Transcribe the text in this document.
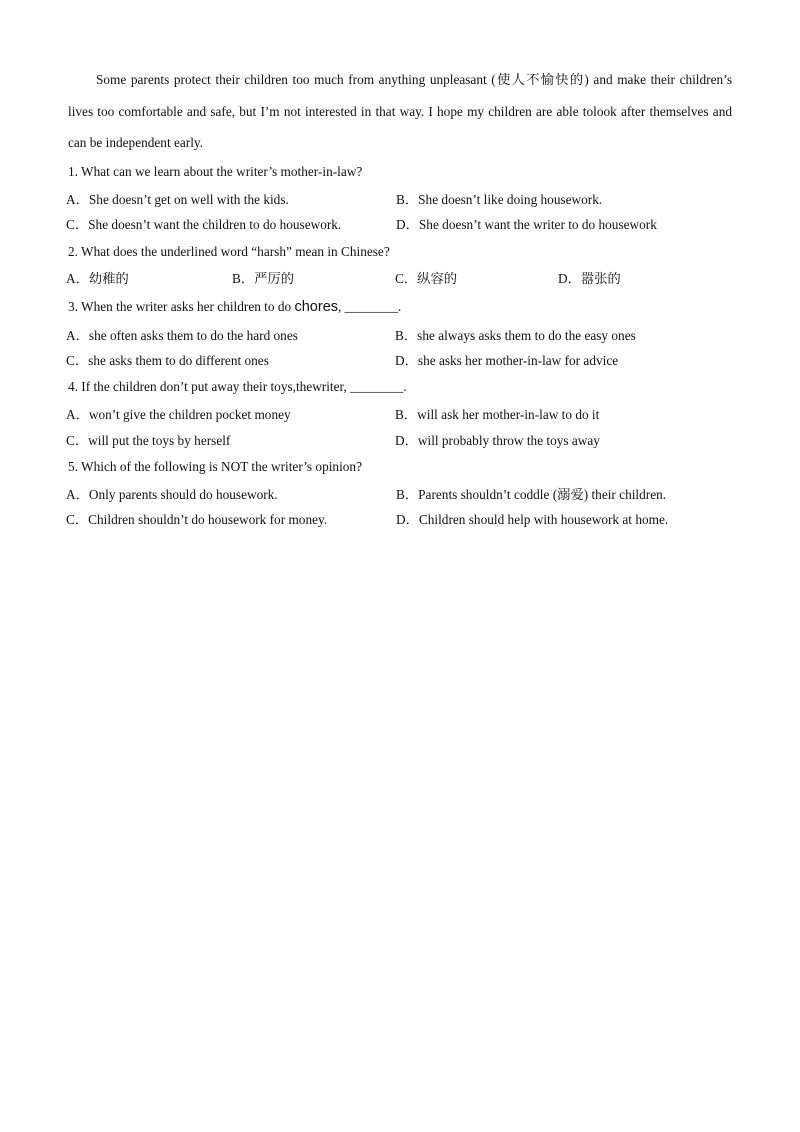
Some parents protect their children too much from anything unpleasant (使人不愉快的) and make their children’s lives too comfortable and safe, but I’m not interested in that way. I hope my children are able tolook after themselves and can be independent early.

1. What can we learn about the writer’s mother-in-law?
A．She doesn’t get on well with the kids.	B．She doesn’t like doing housework.
C．She doesn’t want the children to do housework.	D．She doesn’t want the writer to do housework
2. What does the underlined word “harsh” mean in Chinese?
A．幼稚的	B．严厉的	C．纵容的	D．嚣张的
3. When the writer asks her children to do chores, ________.
A．she often asks them to do the hard ones	B．she always asks them to do the easy ones
C．she asks them to do different ones	D．she asks her mother-in-law for advice
4. If the children don’t put away their toys,thewriter, ________.
A．won’t give the children pocket money	B．will ask her mother-in-law to do it
C．will put the toys by herself	D．will probably throw the toys away
5. Which of the following is NOT the writer’s opinion?
A．Only parents should do housework.	B．Parents shouldn’t coddle (溺爱) their children.
C．Children shouldn’t do housework for money.	D．Children should help with housework at home.
